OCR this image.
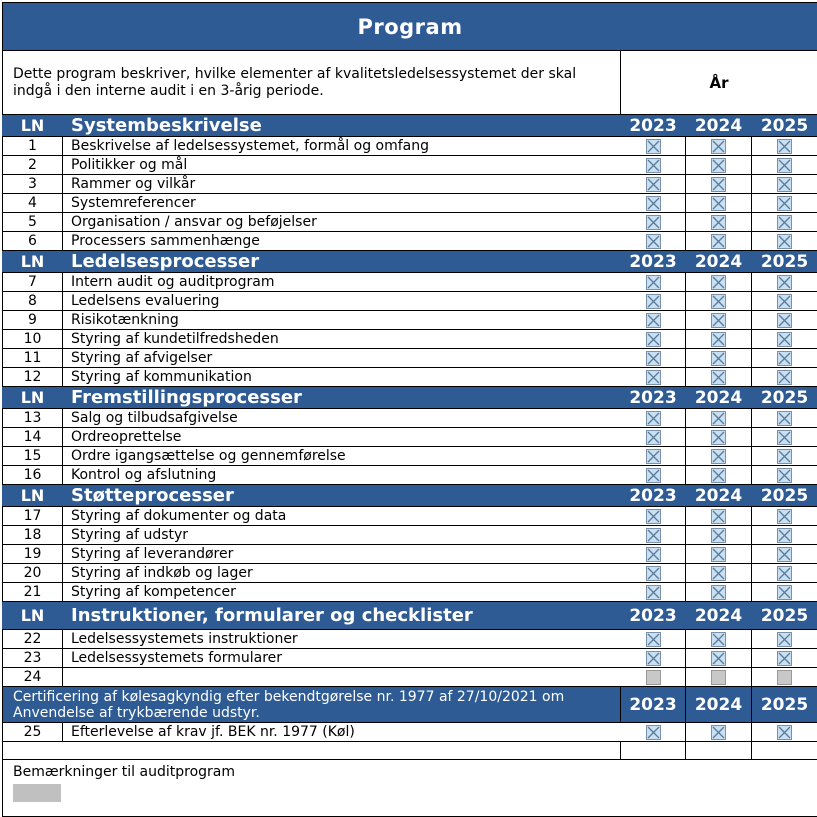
Program				
Dette program beskriver, hvilke elementer af kvalitetsledelsessystemet der skal indgå i den interne audit i en 3-årig periode.		År		
LN	Systembeskrivelse	2023	2024	2025
1	Beskrivelse af ledelsessystemet, formål og omfang	

2	Politikker og mål	

3	Rammer og vilkår	

4	Systemreferencer	

5	Organisation / ansvar og beføjelser	

6	Processers sammenhænge	

LN	Ledelsesprocesser	2023	2024	2025
7	Intern audit og auditprogram	

8	Ledelsens evaluering	

9	Risikotænkning	

10	Styring af kundetilfredsheden	

11	Styring af afvigelser	

12	Styring af kommunikation	

LN	Fremstillingsprocesser	2023	2024	2025
13	Salg og tilbudsafgivelse	

14	Ordreoprettelse	

15	Ordre igangsættelse og gennemførelse	

16	Kontrol og afslutning	

LN	Støtteprocesser	2023	2024	2025
17	Styring af dokumenter og data	

18	Styring af udstyr	

19	Styring af leverandører	

20	Styring af indkøb og lager	

21	Styring af kompetencer	

LN	Instruktioner, formularer og checklister	2023	2024	2025
22	Ledelsessystemets instruktioner	

23	Ledelsessystemets formularer	

24				
Certificering af kølesagkyndig efter bekendtgørelse nr. 1977 af 27/10/2021 om Anvendelse af trykbærende udstyr.		2023	2024	2025
25	Efterlevelse af krav jf. BEK nr. 1977 (Køl)	

Bemærkninger til auditprogram				
